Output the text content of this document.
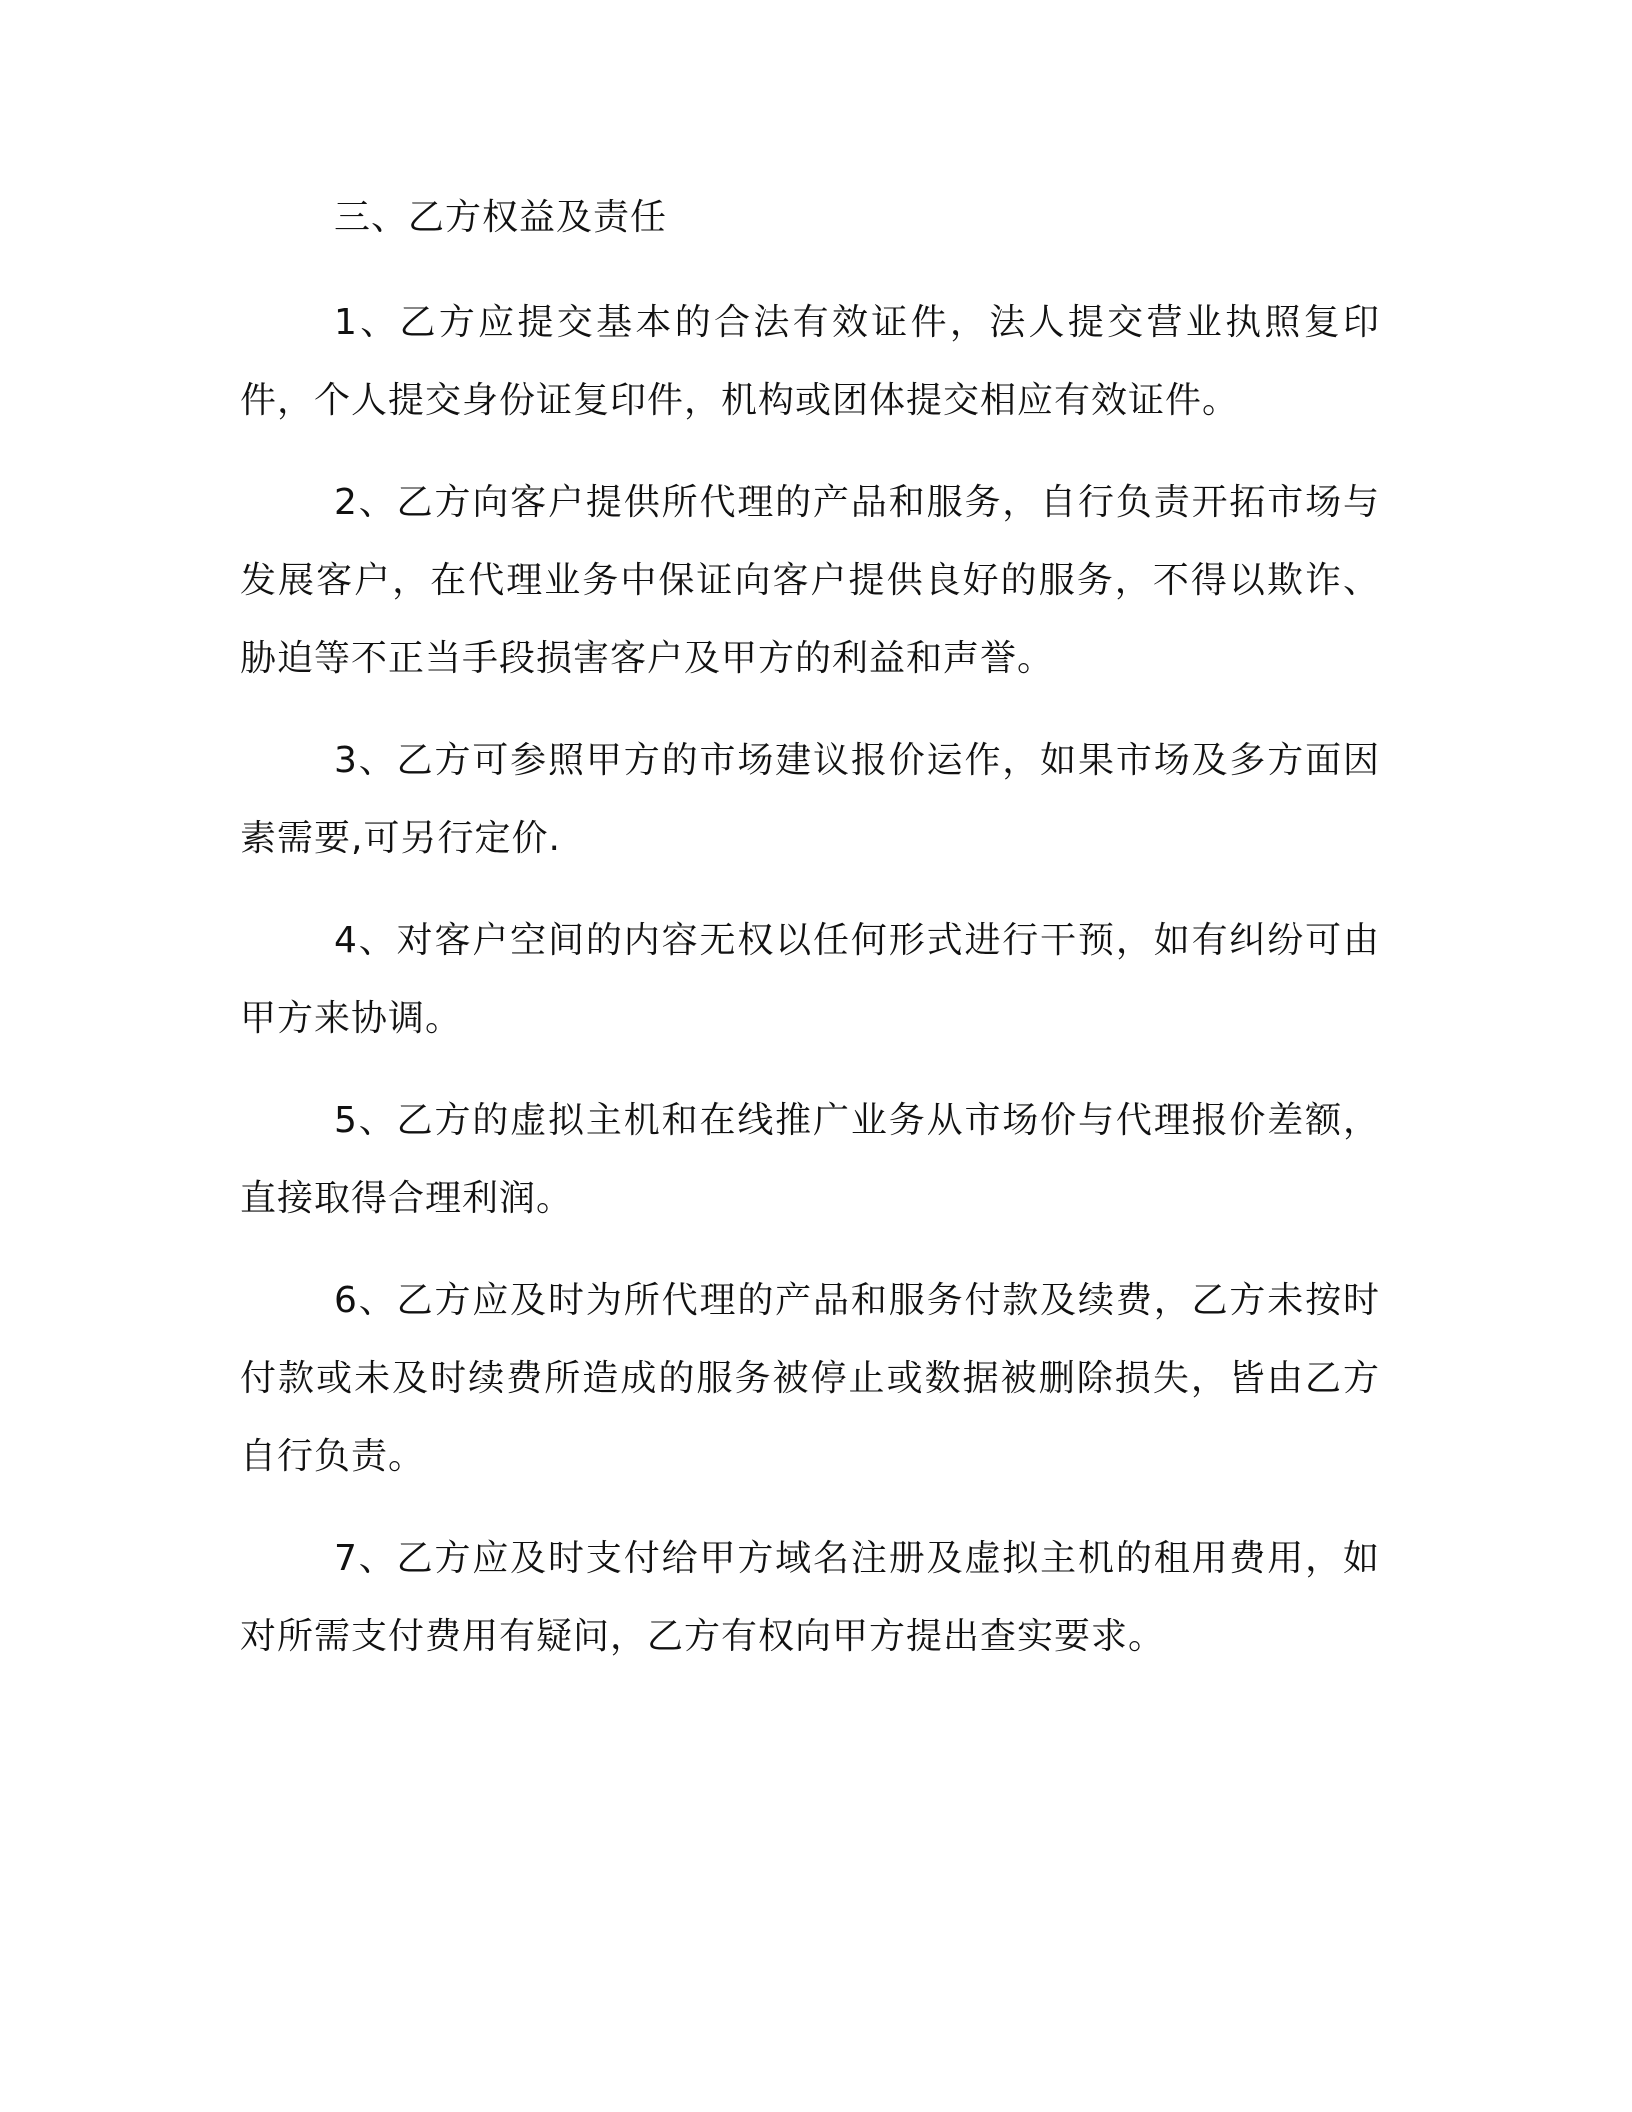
三、乙方权益及责任

1、乙方应提交基本的合法有效证件，法人提交营业执照复印件，个人提交身份证复印件，机构或团体提交相应有效证件。

2、乙方向客户提供所代理的产品和服务，自行负责开拓市场与发展客户，在代理业务中保证向客户提供良好的服务，不得以欺诈、胁迫等不正当手段损害客户及甲方的利益和声誉。

3、乙方可参照甲方的市场建议报价运作，如果市场及多方面因素需要,可另行定价.

4、对客户空间的内容无权以任何形式进行干预，如有纠纷可由甲方来协调。

5、乙方的虚拟主机和在线推广业务从市场价与代理报价差额，直接取得合理利润。

6、乙方应及时为所代理的产品和服务付款及续费，乙方未按时付款或未及时续费所造成的服务被停止或数据被删除损失，皆由乙方自行负责。

7、乙方应及时支付给甲方域名注册及虚拟主机的租用费用，如对所需支付费用有疑问，乙方有权向甲方提出查实要求。
